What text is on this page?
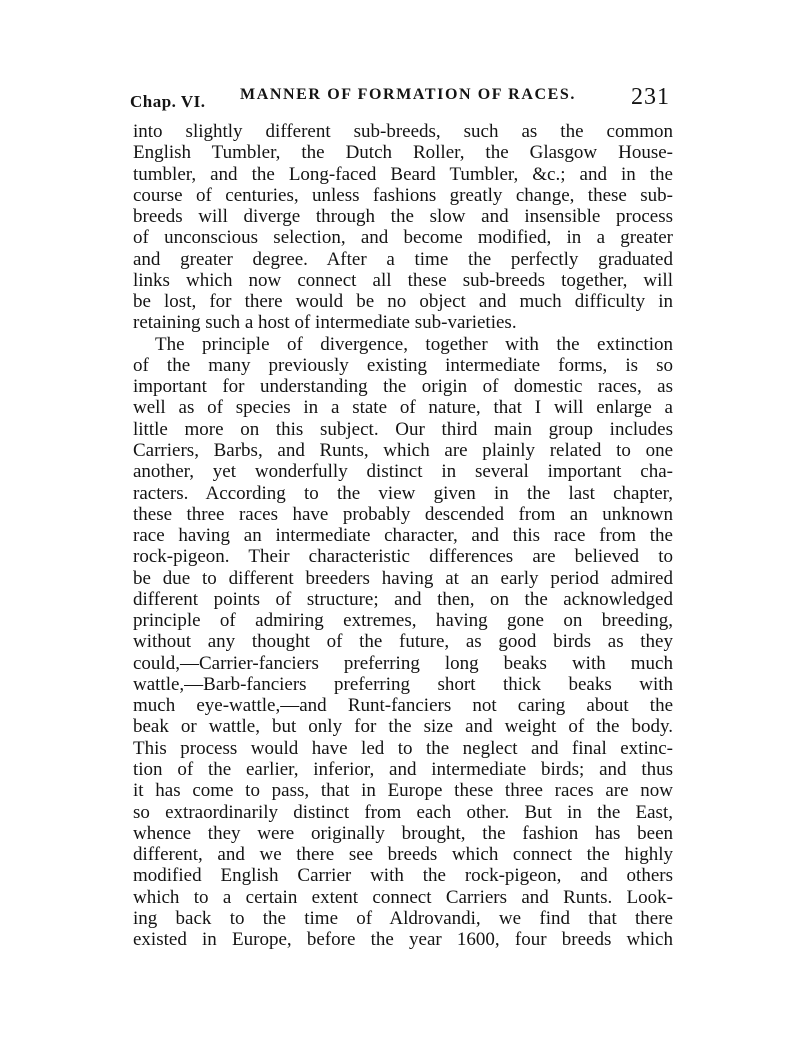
Chap. VI. MANNER OF FORMATION OF RACES. 231
into slightly different sub-breeds, such as the common
English Tumbler, the Dutch Roller, the Glasgow House-
tumbler, and the Long-faced Beard Tumbler, &c.; and in the
course of centuries, unless fashions greatly change, these sub-
breeds will diverge through the slow and insensible process
of unconscious selection, and become modified, in a greater
and greater degree. After a time the perfectly graduated
links which now connect all these sub-breeds together, will
be lost, for there would be no object and much difficulty in
retaining such a host of intermediate sub-varieties.
The principle of divergence, together with the extinction
of the many previously existing intermediate forms, is so
important for understanding the origin of domestic races, as
well as of species in a state of nature, that I will enlarge a
little more on this subject. Our third main group includes
Carriers, Barbs, and Runts, which are plainly related to one
another, yet wonderfully distinct in several important cha-
racters. According to the view given in the last chapter,
these three races have probably descended from an unknown
race having an intermediate character, and this race from the
rock-pigeon. Their characteristic differences are believed to
be due to different breeders having at an early period admired
different points of structure; and then, on the acknowledged
principle of admiring extremes, having gone on breeding,
without any thought of the future, as good birds as they
could,—Carrier-fanciers preferring long beaks with much
wattle,—Barb-fanciers preferring short thick beaks with
much eye-wattle,—and Runt-fanciers not caring about the
beak or wattle, but only for the size and weight of the body.
This process would have led to the neglect and final extinc-
tion of the earlier, inferior, and intermediate birds; and thus
it has come to pass, that in Europe these three races are now
so extraordinarily distinct from each other. But in the East,
whence they were originally brought, the fashion has been
different, and we there see breeds which connect the highly
modified English Carrier with the rock-pigeon, and others
which to a certain extent connect Carriers and Runts. Look-
ing back to the time of Aldrovandi, we find that there
existed in Europe, before the year 1600, four breeds which
